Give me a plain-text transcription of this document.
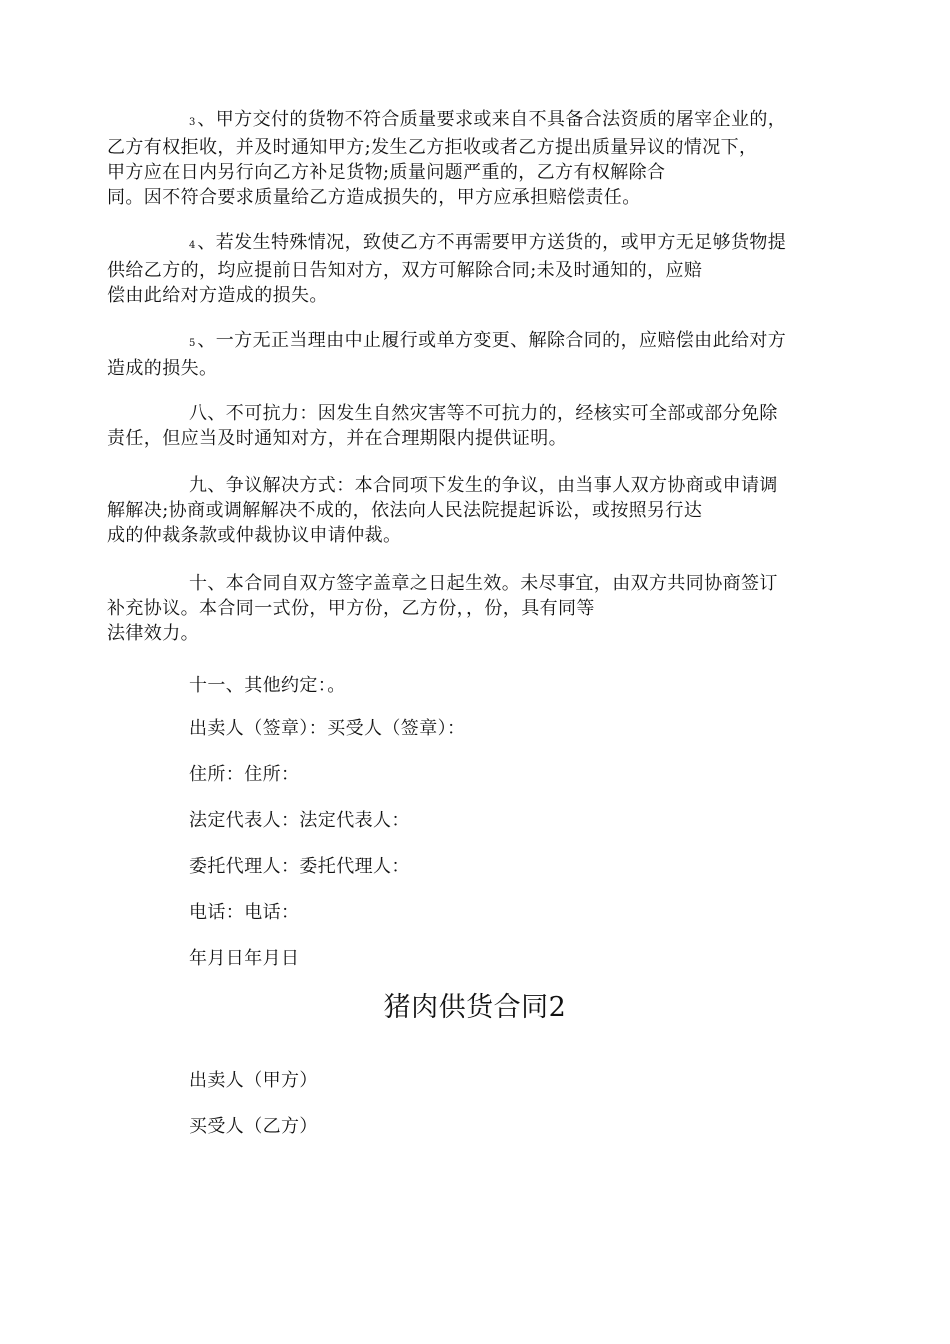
3 、甲方交付的货物不符合质量要求或来自不具备合法资质的屠宰企业的，
乙方有权拒收，并及时通知甲方;发生乙方拒收或者乙方提出质量异议的情况下，
甲方应在日内另行向乙方补足货物;质量问题严重的，乙方有权解除合
同。因不符合要求质量给乙方造成损失的，甲方应承担赔偿责任。

4 、若发生特殊情况，致使乙方不再需要甲方送货的，或甲方无足够货物提
供给乙方的，均应提前日告知对方，双方可解除合同;未及时通知的，应赔
偿由此给对方造成的损失。

5 、一方无正当理由中止履行或单方变更、解除合同的，应赔偿由此给对方
造成的损失。

八、不可抗力：因发生自然灾害等不可抗力的，经核实可全部或部分免除
责任，但应当及时通知对方，并在合理期限内提供证明。

九、争议解决方式：本合同项下发生的争议，由当事人双方协商或申请调
解解决;协商或调解解决不成的，依法向人民法院提起诉讼，或按照另行达
成的仲裁条款或仲裁协议申请仲裁。

十、本合同自双方签字盖章之日起生效。未尽事宜，由双方共同协商签订
补充协议。本合同一式份，甲方份，乙方份，，份，具有同等
法律效力。

十一、其他约定：。
出卖人（签章）：买受人（签章）：
住所：住所：
法定代表人：法定代表人：
委托代理人：委托代理人：
电话：电话：
年月日年月日
猪肉供货合同2
出卖人（甲方）
买受人（乙方）
